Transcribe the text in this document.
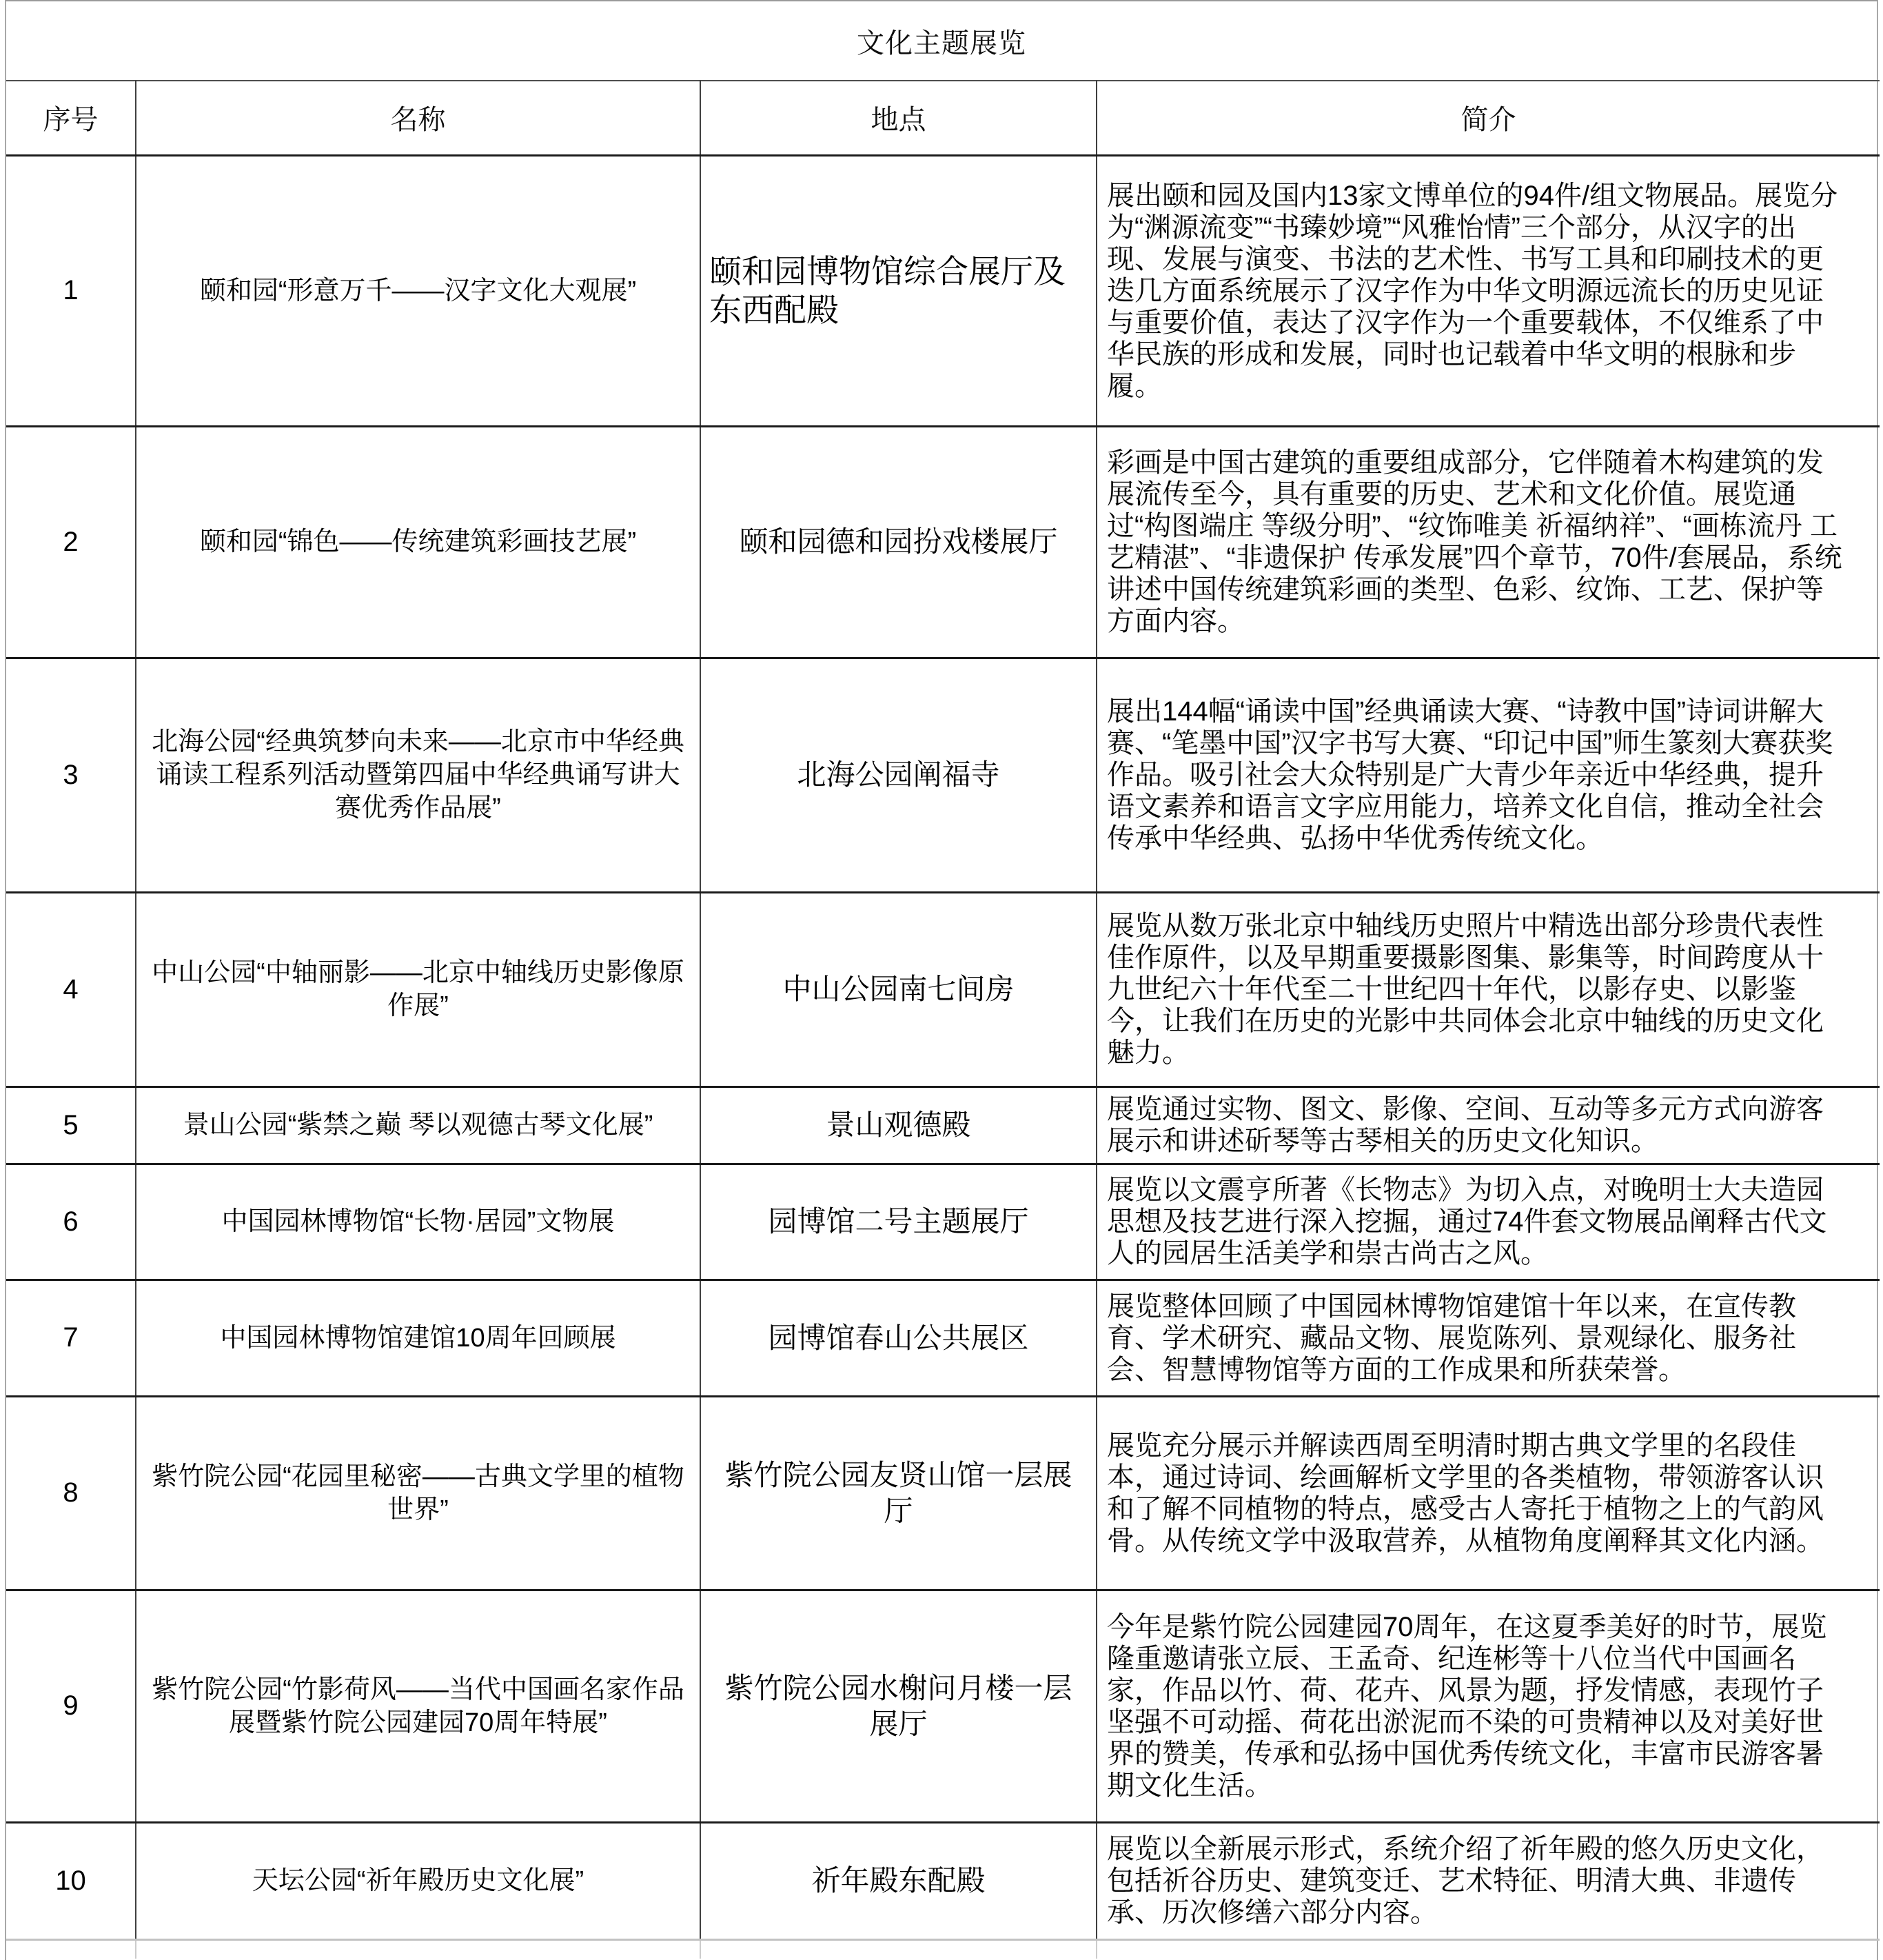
文化主题展览
序号	名称	地点	简介
1	颐和园“形意万千——汉字文化大观展”	颐和园博物馆综合展厅及东西配殿	展出颐和园及国内13家文博单位的94件/组文物展品。展览分为“渊源流变”“书臻妙境”“风雅怡情”三个部分，从汉字的出现、发展与演变、书法的艺术性、书写工具和印刷技术的更迭几方面系统展示了汉字作为中华文明源远流长的历史见证与重要价值，表达了汉字作为一个重要载体，不仅维系了中华民族的形成和发展，同时也记载着中华文明的根脉和步履。
2	颐和园“锦色——传统建筑彩画技艺展”	颐和园德和园扮戏楼展厅	彩画是中国古建筑的重要组成部分，它伴随着木构建筑的发展流传至今，具有重要的历史、艺术和文化价值。展览通过“构图端庄 等级分明”、“纹饰唯美 祈福纳祥”、“画栋流丹 工艺精湛”、“非遗保护 传承发展”四个章节，70件/套展品，系统讲述中国传统建筑彩画的类型、色彩、纹饰、工艺、保护等方面内容。
3	北海公园“经典筑梦向未来——北京市中华经典诵读工程系列活动暨第四届中华经典诵写讲大赛优秀作品展”	北海公园阐福寺	展出144幅“诵读中国”经典诵读大赛、“诗教中国”诗词讲解大赛、“笔墨中国”汉字书写大赛、“印记中国”师生篆刻大赛获奖作品。吸引社会大众特别是广大青少年亲近中华经典，提升语文素养和语言文字应用能力，培养文化自信，推动全社会传承中华经典、弘扬中华优秀传统文化。
4	中山公园“中轴丽影——北京中轴线历史影像原作展”	中山公园南七间房	展览从数万张北京中轴线历史照片中精选出部分珍贵代表性佳作原件，以及早期重要摄影图集、影集等，时间跨度从十九世纪六十年代至二十世纪四十年代，以影存史、以影鉴今，让我们在历史的光影中共同体会北京中轴线的历史文化魅力。
5	景山公园“紫禁之巅 琴以观德古琴文化展”	景山观德殿	展览通过实物、图文、影像、空间、互动等多元方式向游客展示和讲述斫琴等古琴相关的历史文化知识。
6	中国园林博物馆“长物·居园”文物展	园博馆二号主题展厅	展览以文震亨所著《长物志》为切入点，对晚明士大夫造园思想及技艺进行深入挖掘，通过74件套文物展品阐释古代文人的园居生活美学和崇古尚古之风。
7	中国园林博物馆建馆10周年回顾展	园博馆春山公共展区	展览整体回顾了中国园林博物馆建馆十年以来，在宣传教育、学术研究、藏品文物、展览陈列、景观绿化、服务社会、智慧博物馆等方面的工作成果和所获荣誉。
8	紫竹院公园“花园里秘密——古典文学里的植物世界”	紫竹院公园友贤山馆一层展厅	展览充分展示并解读西周至明清时期古典文学里的名段佳本，通过诗词、绘画解析文学里的各类植物，带领游客认识和了解不同植物的特点，感受古人寄托于植物之上的气韵风骨。从传统文学中汲取营养，从植物角度阐释其文化内涵。
9	紫竹院公园“竹影荷风——当代中国画名家作品展暨紫竹院公园建园70周年特展”	紫竹院公园水榭问月楼一层展厅	今年是紫竹院公园建园70周年，在这夏季美好的时节，展览隆重邀请张立辰、王孟奇、纪连彬等十八位当代中国画名家，作品以竹、荷、花卉、风景为题，抒发情感，表现竹子坚强不可动摇、荷花出淤泥而不染的可贵精神以及对美好世界的赞美，传承和弘扬中国优秀传统文化，丰富市民游客暑期文化生活。
10	天坛公园“祈年殿历史文化展”	祈年殿东配殿	展览以全新展示形式，系统介绍了祈年殿的悠久历史文化，包括祈谷历史、建筑变迁、艺术特征、明清大典、非遗传承、历次修缮六部分内容。
